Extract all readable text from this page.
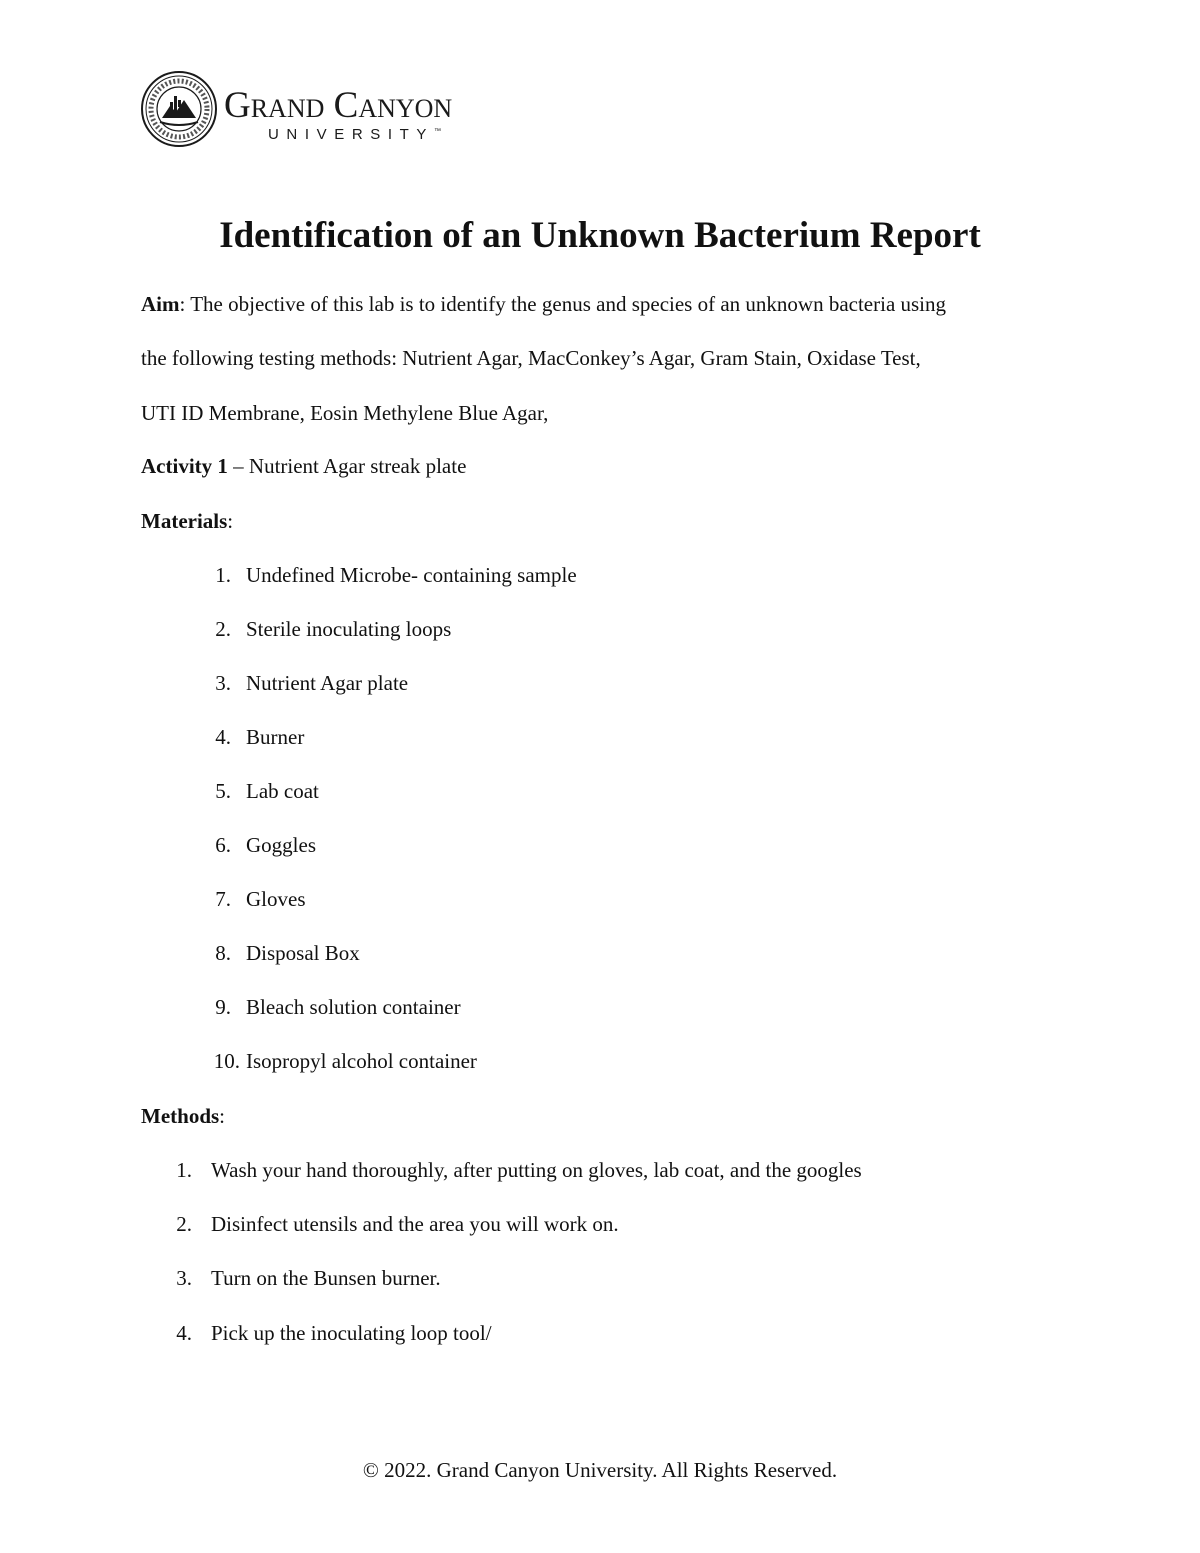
Grand Canyon
UNIVERSITY™
Identification of an Unknown Bacterium Report
Aim: The objective of this lab is to identify the genus and species of an unknown bacteria using
the following testing methods: Nutrient Agar, MacConkey’s Agar, Gram Stain, Oxidase Test,
UTI ID Membrane, Eosin Methylene Blue Agar,
Activity 1 – Nutrient Agar streak plate
Materials:
1. Undefined Microbe- containing sample
2. Sterile inoculating loops
3. Nutrient Agar plate
4. Burner
5. Lab coat
6. Goggles
7. Gloves
8. Disposal Box
9. Bleach solution container
10. Isopropyl alcohol container
Methods:
1. Wash your hand thoroughly, after putting on gloves, lab coat, and the googles
2. Disinfect utensils and the area you will work on.
3. Turn on the Bunsen burner.
4. Pick up the inoculating loop tool/
© 2022. Grand Canyon University. All Rights Reserved.
